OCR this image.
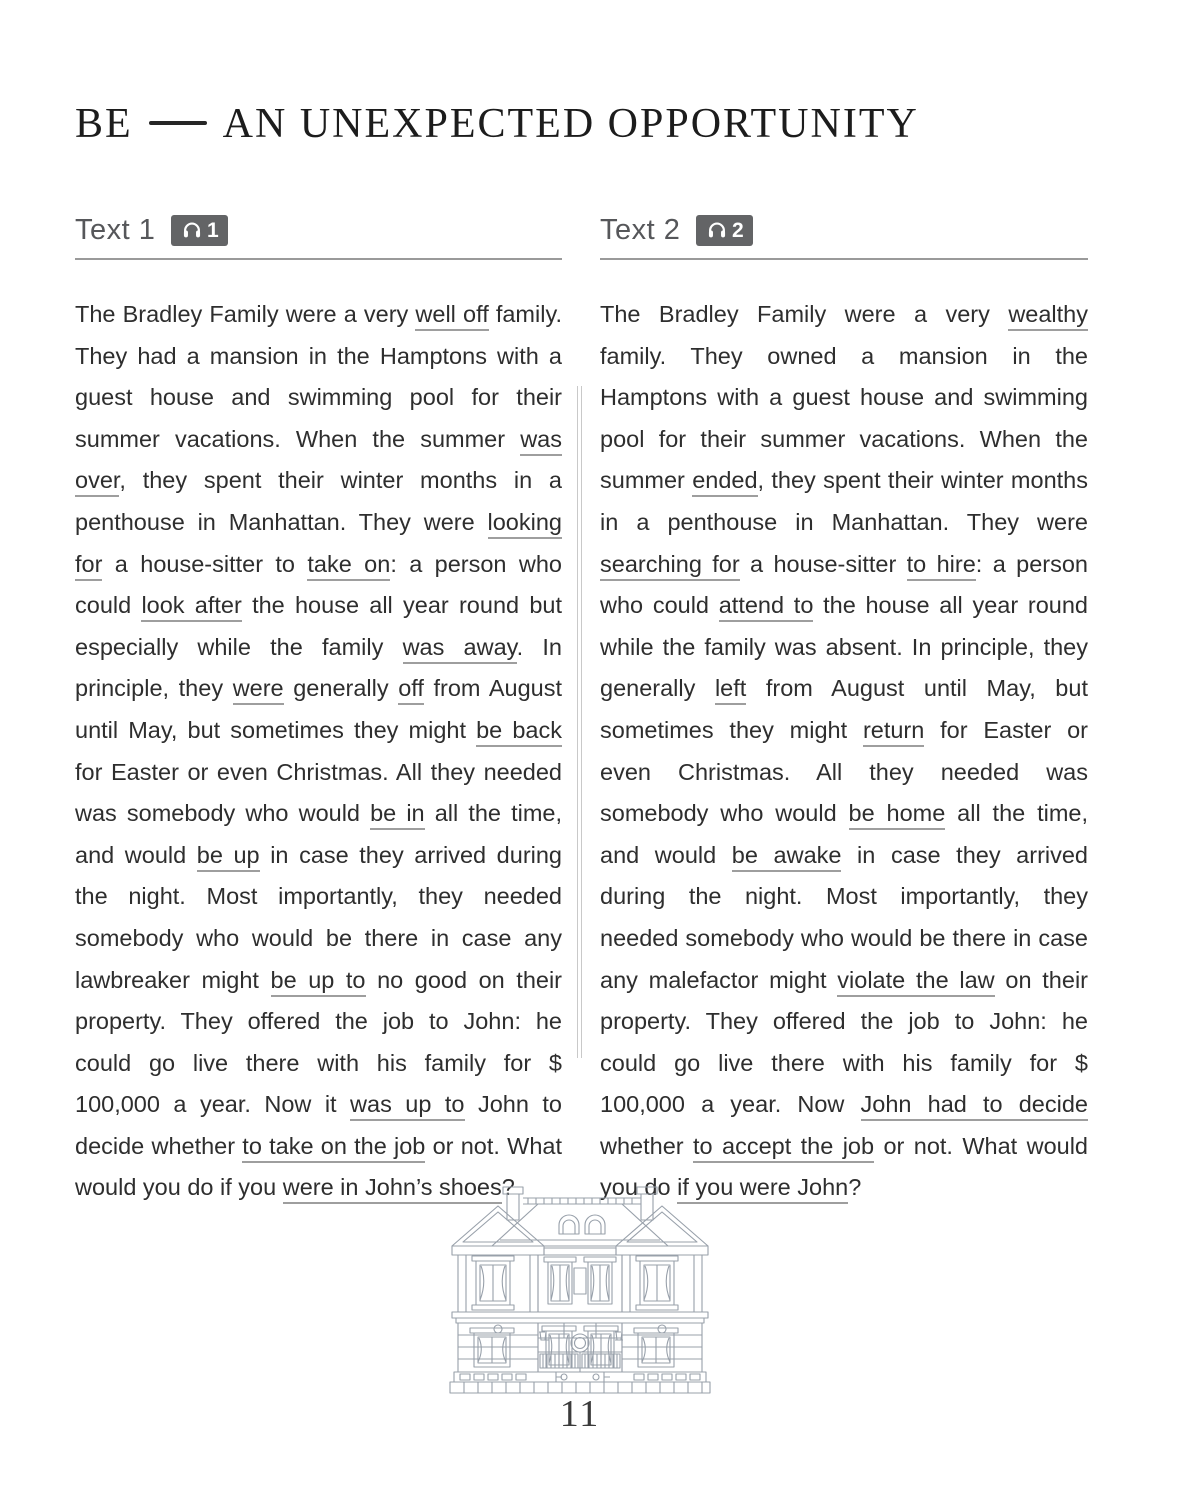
BE AN UNEXPECTED OPPORTUNITY
Text 1 1

The Bradley Family were a very well off family. They had a mansion in the Hamptons with a guest house and swimming pool for their summer vacations. When the summer was over, they spent their winter months in a penthouse in Manhattan. They were looking for a house-sitter to take on: a person who could look after the house all year round but especially while the family was away. In principle, they were generally off from August until May, but sometimes they might be back for Easter or even Christmas. All they needed was somebody who would be in all the time, and would be up in case they arrived during the night. Most importantly, they needed somebody who would be there in case any lawbreaker might be up to no good on their property. They offered the job to John: he could go live there with his family for $ 100,000 a year. Now it was up to John to decide whether to take on the job or not. What would you do if you were in John’s shoes?

Text 2 2

The Bradley Family were a very wealthy family. They owned a mansion in the Hamptons with a guest house and swimming pool for their summer vacations. When the summer ended, they spent their winter months in a penthouse in Manhattan. They were searching for a house-sitter to hire: a person who could attend to the house all year round while the family was absent. In principle, they generally left from August until May, but sometimes they might return for Easter or even Christmas. All they needed was somebody who would be home all the time, and would be awake in case they arrived during the night. Most importantly, they needed somebody who would be there in case any malefactor might violate the law on their property. They offered the job to John: he could go live there with his family for $ 100,000 a year. Now John had to decide whether to accept the job or not. What would you do if you were John?

11
